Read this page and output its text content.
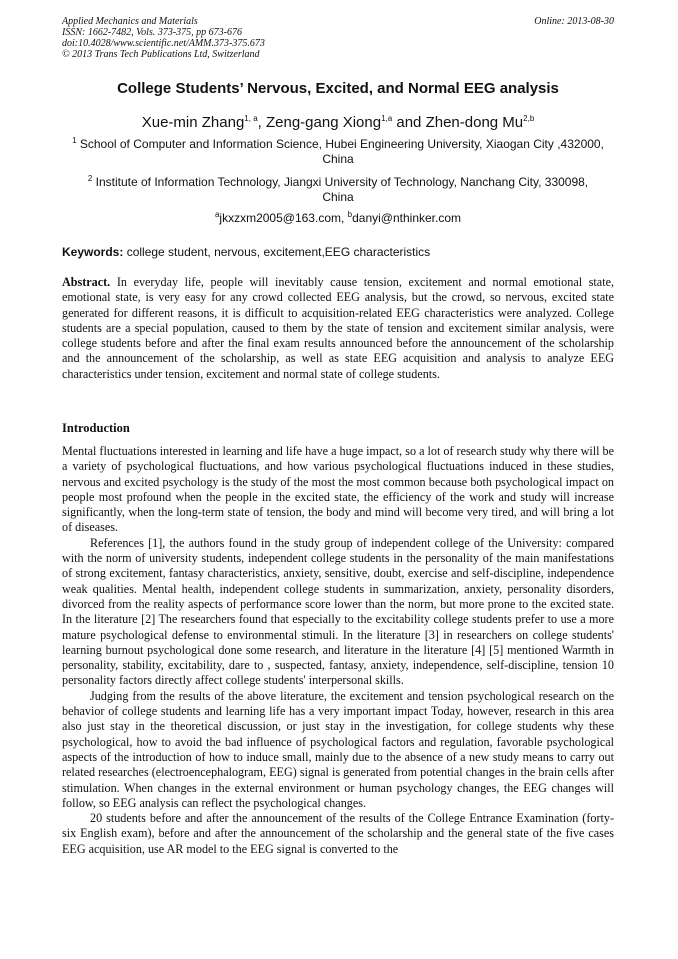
Applied Mechanics and Materials
ISSN: 1662-7482, Vols. 373-375, pp 673-676
doi:10.4028/www.scientific.net/AMM.373-375.673
© 2013 Trans Tech Publications Ltd, Switzerland
Online: 2013-08-30
College Students’ Nervous, Excited, and Normal EEG analysis
Xue-min Zhang$^{1, a}$, Zeng-gang Xiong$^{1,a}$ and Zhen-dong Mu$^{2,b}$
$^1$ School of Computer and Information Science, Hubei Engineering University, Xiaogan City ,432000,
China
$^2$ Institute of Information Technology, Jiangxi University of Technology, Nanchang City, 330098,
China
$^a$jkxzxm2005@163.com, $^b$danyi@nthinker.com
Keywords: college student, nervous, excitement,EEG characteristics

Abstract. In everyday life, people will inevitably cause tension, excitement and normal emotional state, emotional state, is very easy for any crowd collected EEG analysis, but the crowd, so nervous, excited state generated for different reasons, it is difficult to acquisition-related EEG characteristics were analyzed. College students are a special population, caused to them by the state of tension and excitement similar analysis, were college students before and after the final exam results announced before the announcement of the scholarship and the announcement of the scholarship, as well as state EEG acquisition and analysis to analyze EEG characteristics under tension, excitement and normal state of college students.

Introduction

Mental fluctuations interested in learning and life have a huge impact, so a lot of research study why there will be a variety of psychological fluctuations, and how various psychological fluctuations induced in these studies, nervous and excited psychology is the study of the most the most common because both psychological impact on people most profound when the people in the excited state, the efficiency of the work and study will increase significantly, when the long-term state of tension, the body and mind will become very tired, and will bring a lot of diseases.

References [1], the authors found in the study group of independent college of the University: compared with the norm of university students, independent college students in the personality of the main manifestations of strong excitement, fantasy characteristics, anxiety, sensitive, doubt, exercise and self-discipline, independence weak qualities. Mental health, independent college students in summarization, anxiety, personality disorders, divorced from the reality aspects of performance score lower than the norm, but more prone to the excited state. In the literature [2] The researchers found that especially to the excitability college students prefer to use a more mature psychological defense to environmental stimuli. In the literature [3] in researchers on college students' learning burnout psychological done some research, and literature in the literature [4] [5] mentioned Warmth in personality, stability, excitability, dare to , suspected, fantasy, anxiety, independence, self-discipline, tension 10 personality factors directly affect college students' interpersonal skills.

Judging from the results of the above literature, the excitement and tension psychological research on the behavior of college students and learning life has a very important impact Today, however, research in this area also just stay in the theoretical discussion, or just stay in the investigation, for college students why these psychological, how to avoid the bad influence of psychological factors and regulation, favorable psychological aspects of the introduction of how to induce small, mainly due to the absence of a new study means to carry out related researches (electroencephalogram, EEG) signal is generated from potential changes in the brain cells after stimulation. When changes in the external environment or human psychology changes, the EEG changes will follow, so EEG analysis can reflect the psychological changes.

20 students before and after the announcement of the results of the College Entrance Examination (forty-six English exam), before and after the announcement of the scholarship and the general state of the five cases EEG acquisition, use AR model to the EEG signal is converted to the
